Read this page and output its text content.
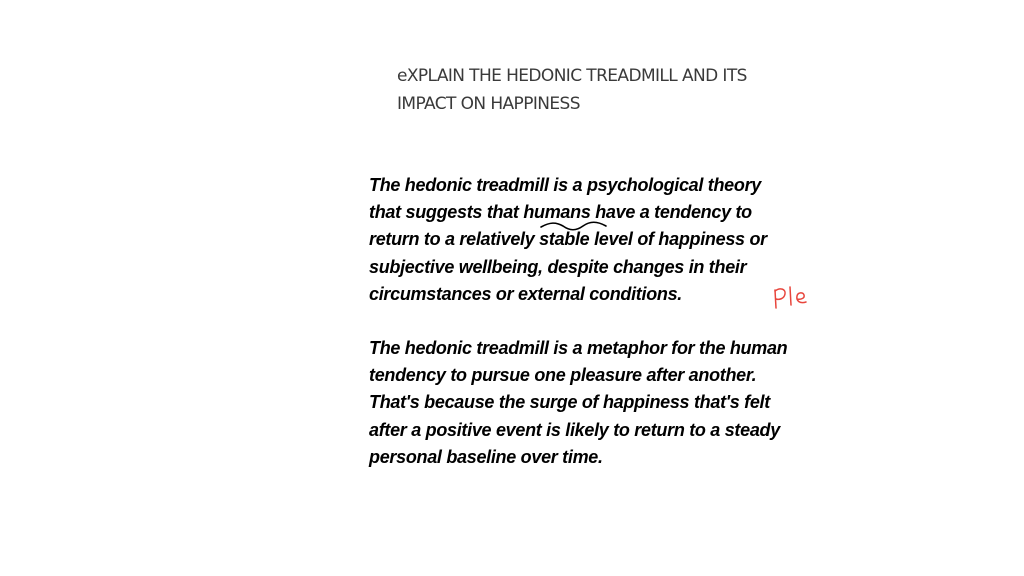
eXPLAIN THE HEDONIC TREADMILL AND ITS
IMPACT ON HAPPINESS

The hedonic treadmill is a psychological theory
that suggests that humans have a tendency to
return to a relatively stable level of happiness or
subjective wellbeing, despite changes in their
circumstances or external conditions.

The hedonic treadmill is a metaphor for the human
tendency to pursue one pleasure after another.
That's because the surge of happiness that's felt
after a positive event is likely to return to a steady
personal baseline over time.
